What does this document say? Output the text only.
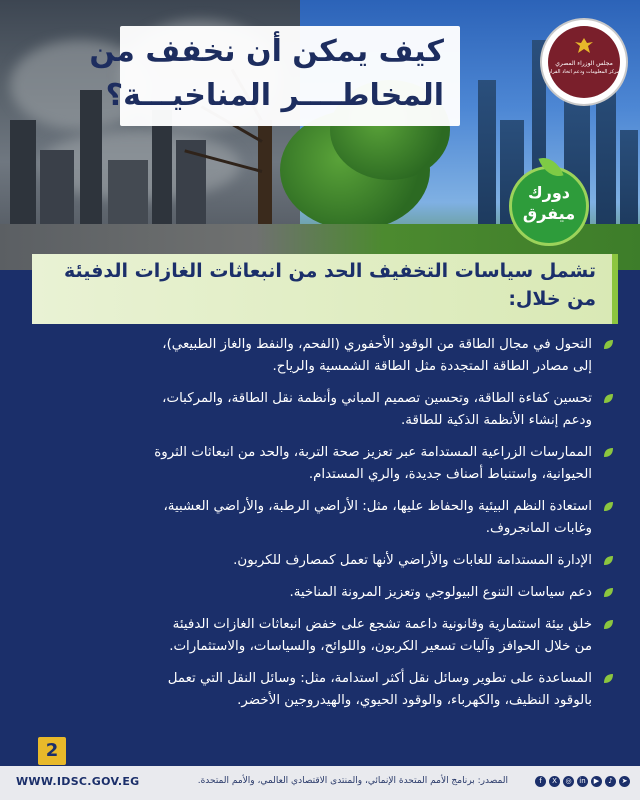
كيف يمكن أن نخفف من
المخاطــــر المناخيـــة؟
مجلس الوزراء المصري
مركز المعلومات ودعم اتخاذ القرار
دورك
ميفرق
تشمل سياسات التخفيف الحد من انبعاثات الغازات الدفيئة
من خلال:
التحول في مجال الطاقة من الوقود الأحفوري (الفحم، والنفط والغاز الطبيعي)،
إلى مصادر الطاقة المتجددة مثل الطاقة الشمسية والرياح.
تحسين كفاءة الطاقة، وتحسين تصميم المباني وأنظمة نقل الطاقة، والمركبات،
ودعم إنشاء الأنظمة الذكية للطاقة.
الممارسات الزراعية المستدامة عبر تعزيز صحة التربة، والحد من انبعاثات الثروة
الحيوانية، واستنباط أصناف جديدة، والري المستدام.
استعادة النظم البيئية والحفاظ عليها، مثل: الأراضي الرطبة، والأراضي العشبية،
وغابات المانجروف.
الإدارة المستدامة للغابات والأراضي لأنها تعمل كمصارف للكربون.
دعم سياسات التنوع البيولوجي وتعزيز المرونة المناخية.
خلق بيئة استثمارية وقانونية داعمة تشجع على خفض انبعاثات الغازات الدفيئة
من خلال الحوافز وآليات تسعير الكربون، واللوائح، والسياسات، والاستثمارات.
المساعدة على تطوير وسائل نقل أكثر استدامة، مثل: وسائل النقل التي تعمل
بالوقود النظيف، والكهرباء، والوقود الحيوي، والهيدروجين الأخضر.
2
WWW.IDSC.GOV.EG	المصدر: برنامج الأمم المتحدة الإنمائي، والمنتدى الاقتصادي العالمي، والأمم المتحدة.	f	X	◎	in	▶	♪	➤
